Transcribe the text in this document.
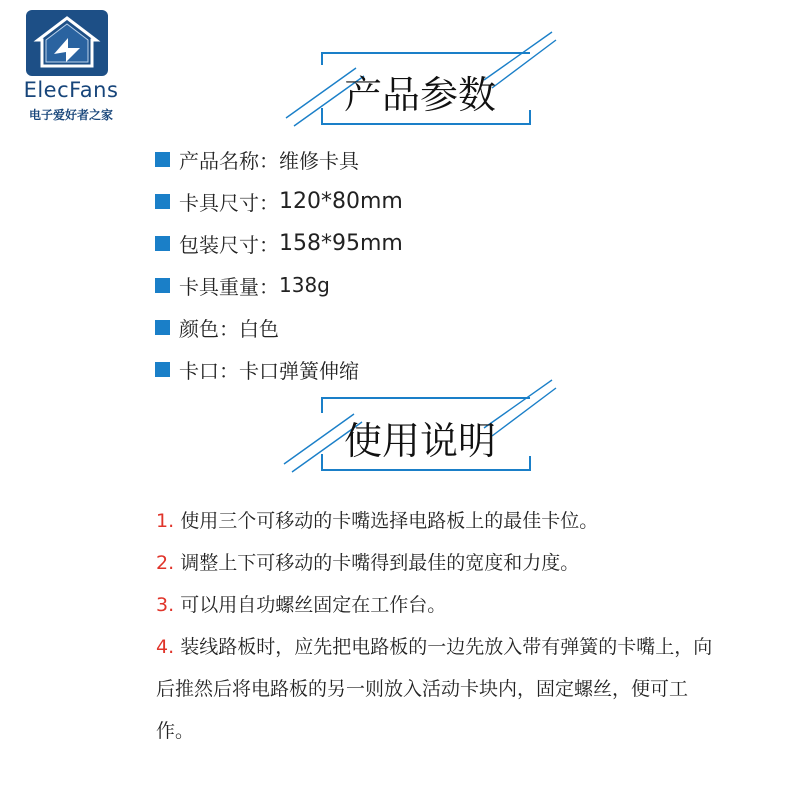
ElecFans
电子爱好者之家	产品参数
产品名称： 维修卡具
卡具尺寸： 120*80mm
包装尺寸： 158*95mm
卡具重量： 138g
颜色： 白色
卡口： 卡口弹簧伸缩
使用说明

1. 使用三个可移动的卡嘴选择电路板上的最佳卡位。

2. 调整上下可移动的卡嘴得到最佳的宽度和力度。

3. 可以用自功螺丝固定在工作台。

4. 装线路板时，应先把电路板的一边先放入带有弹簧的卡嘴上，向后推然后将电路板的另一则放入活动卡块内，固定螺丝，便可工作。
